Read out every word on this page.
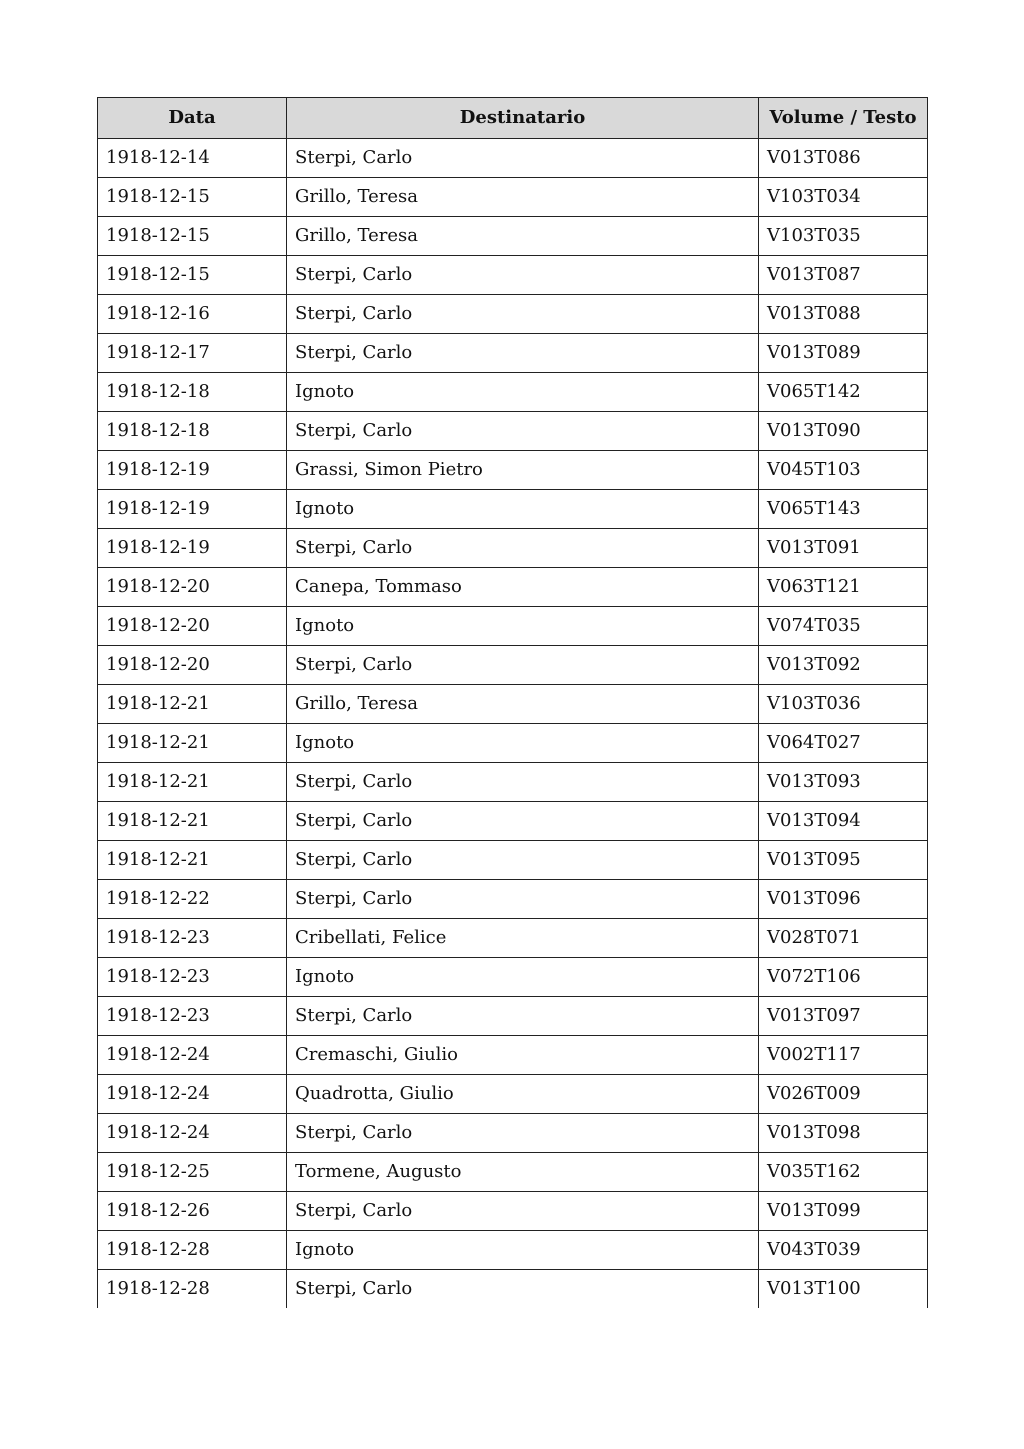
Data	Destinatario	Volume / Testo
1918-12-14	Sterpi, Carlo	V013T086
1918-12-15	Grillo, Teresa	V103T034
1918-12-15	Grillo, Teresa	V103T035
1918-12-15	Sterpi, Carlo	V013T087
1918-12-16	Sterpi, Carlo	V013T088
1918-12-17	Sterpi, Carlo	V013T089
1918-12-18	Ignoto	V065T142
1918-12-18	Sterpi, Carlo	V013T090
1918-12-19	Grassi, Simon Pietro	V045T103
1918-12-19	Ignoto	V065T143
1918-12-19	Sterpi, Carlo	V013T091
1918-12-20	Canepa, Tommaso	V063T121
1918-12-20	Ignoto	V074T035
1918-12-20	Sterpi, Carlo	V013T092
1918-12-21	Grillo, Teresa	V103T036
1918-12-21	Ignoto	V064T027
1918-12-21	Sterpi, Carlo	V013T093
1918-12-21	Sterpi, Carlo	V013T094
1918-12-21	Sterpi, Carlo	V013T095
1918-12-22	Sterpi, Carlo	V013T096
1918-12-23	Cribellati, Felice	V028T071
1918-12-23	Ignoto	V072T106
1918-12-23	Sterpi, Carlo	V013T097
1918-12-24	Cremaschi, Giulio	V002T117
1918-12-24	Quadrotta, Giulio	V026T009
1918-12-24	Sterpi, Carlo	V013T098
1918-12-25	Tormene, Augusto	V035T162
1918-12-26	Sterpi, Carlo	V013T099
1918-12-28	Ignoto	V043T039
1918-12-28	Sterpi, Carlo	V013T100
